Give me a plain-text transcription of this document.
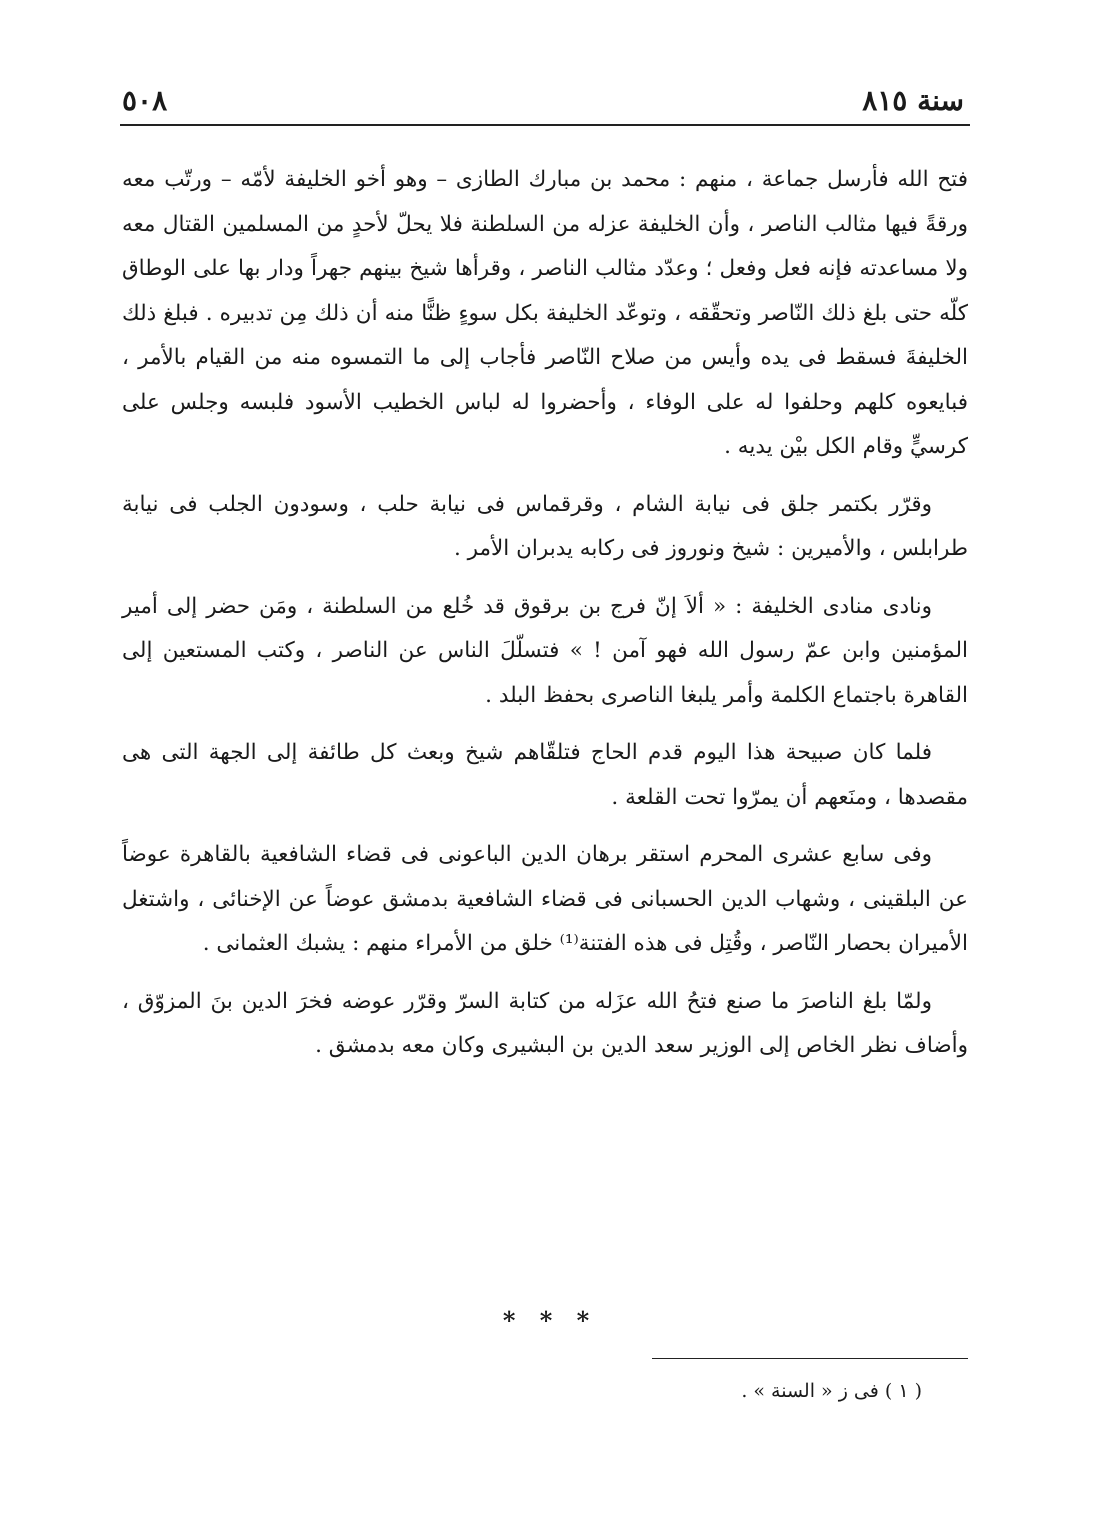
٥٠٨	سنة ٨١٥

فتح الله فأرسل جماعة ، منهم : محمد بن مبارك الطازى – وهو أخو الخليفة لأمّه – ورتّب معه ورقةً فيها مثالب الناصر ، وأن الخليفة عزله من السلطنة فلا يحلّ لأحدٍ من المسلمين القتال معه ولا مساعدته فإنه فعل وفعل ؛ وعدّد مثالب الناصر ، وقرأها شيخ بينهم جهراً ودار بها على الوطاق كلّه حتى بلغ ذلك النّاصر وتحقّقه ، وتوعّد الخليفة بكل سوءٍ ظنًّا منه أن ذلك مِن تدبيره . فبلغ ذلك الخليفةَ فسقط فى يده وأيس من صلاح النّاصر فأجاب إلى ما التمسوه منه من القيام بالأمر ، فبايعوه كلهم وحلفوا له على الوفاء ، وأحضروا له لباس الخطيب الأسود فلبسه وجلس على كرسيٍّ وقام الكل بيْن يديه .

وقرّر بكتمر جلق فى نيابة الشام ، وقرقماس فى نيابة حلب ، وسودون الجلب فى نيابة طرابلس ، والأميرين : شيخ ونوروز فى ركابه يدبران الأمر .

ونادى منادى الخليفة : « ألاَ إنّ فرج بن برقوق قد خُلع من السلطنة ، ومَن حضر إلى أمير المؤمنين وابن عمّ رسول الله فهو آمن ! » فتسلّلَ الناس عن الناصر ، وكتب المستعين إلى القاهرة باجتماع الكلمة وأمر يلبغا الناصرى بحفظ البلد .

فلما كان صبيحة هذا اليوم قدم الحاج فتلقّاهم شيخ وبعث كل طائفة إلى الجهة التى هى مقصدها ، ومنَعهم أن يمرّوا تحت القلعة .

وفى سابع عشرى المحرم استقر برهان الدين الباعونى فى قضاء الشافعية بالقاهرة عوضاً عن البلقينى ، وشهاب الدين الحسبانى فى قضاء الشافعية بدمشق عوضاً عن الإخنائى ، واشتغل الأميران بحصار النّاصر ، وقُتِل فى هذه الفتنة⁽¹⁾ خلق من الأمراء منهم : يشبك العثمانى .

ولمّا بلغ الناصرَ ما صنع فتحُ الله عزَله من كتابة السرّ وقرّر عوضه فخرَ الدين بنَ المزوّق ، وأضاف نظر الخاص إلى الوزير سعد الدين بن البشيرى وكان معه بدمشق .

* * *
( ١ ) فى ز « السنة » .
